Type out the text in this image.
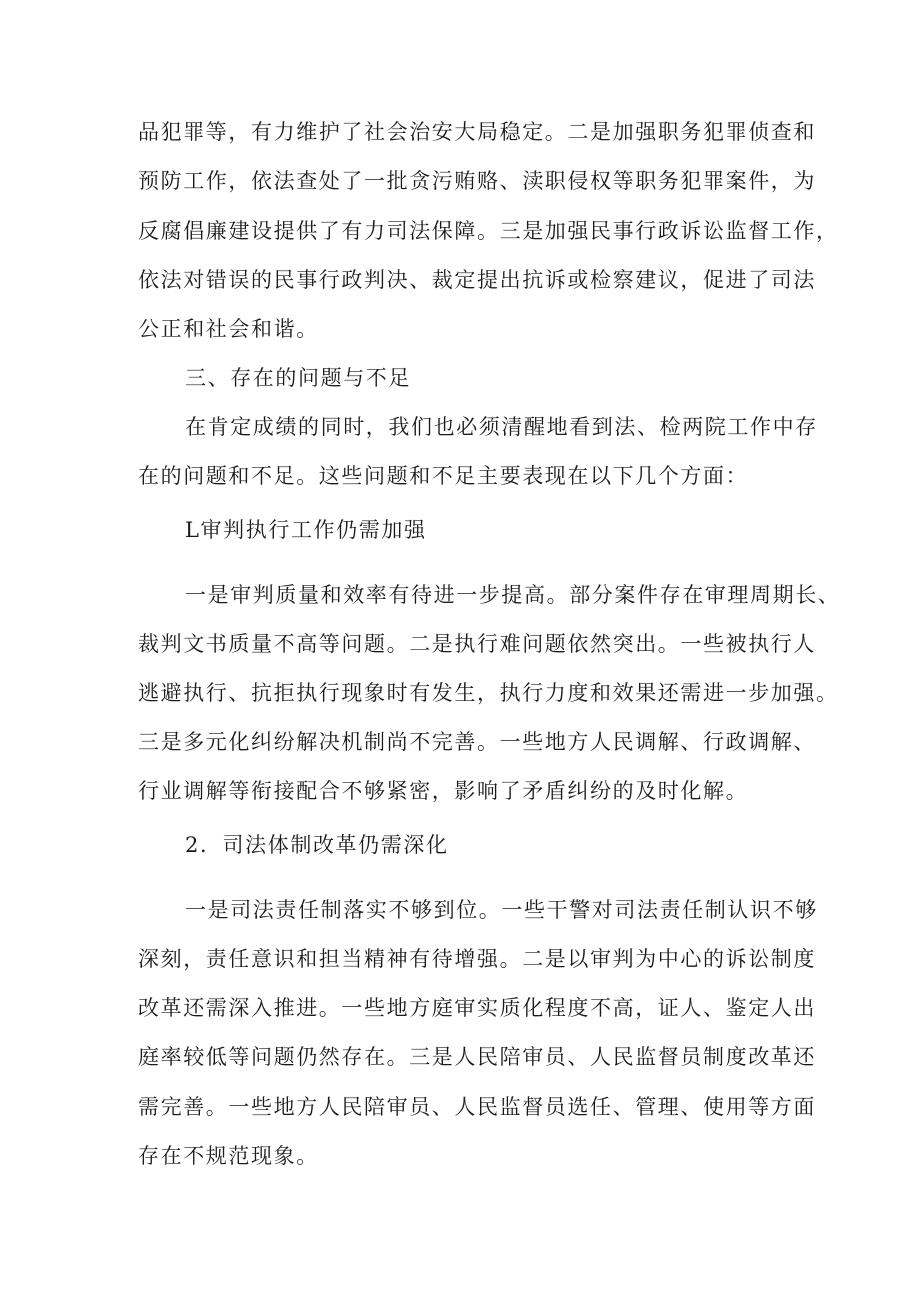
品犯罪等，有力维护了社会治安大局稳定。二是加强职务犯罪侦查和
预防工作，依法查处了一批贪污贿赂、渎职侵权等职务犯罪案件，为
反腐倡廉建设提供了有力司法保障。三是加强民事行政诉讼监督工作，
依法对错误的民事行政判决、裁定提出抗诉或检察建议，促进了司法
公正和社会和谐。
三、存在的问题与不足
在肯定成绩的同时，我们也必须清醒地看到法、检两院工作中存
在的问题和不足。这些问题和不足主要表现在以下几个方面：
L审判执行工作仍需加强
一是审判质量和效率有待进一步提高。部分案件存在审理周期长、
裁判文书质量不高等问题。二是执行难问题依然突出。一些被执行人
逃避执行、抗拒执行现象时有发生，执行力度和效果还需进一步加强。
三是多元化纠纷解决机制尚不完善。一些地方人民调解、行政调解、
行业调解等衔接配合不够紧密，影响了矛盾纠纷的及时化解。
2．司法体制改革仍需深化
一是司法责任制落实不够到位。一些干警对司法责任制认识不够
深刻，责任意识和担当精神有待增强。二是以审判为中心的诉讼制度
改革还需深入推进。一些地方庭审实质化程度不高，证人、鉴定人出
庭率较低等问题仍然存在。三是人民陪审员、人民监督员制度改革还
需完善。一些地方人民陪审员、人民监督员选任、管理、使用等方面
存在不规范现象。
